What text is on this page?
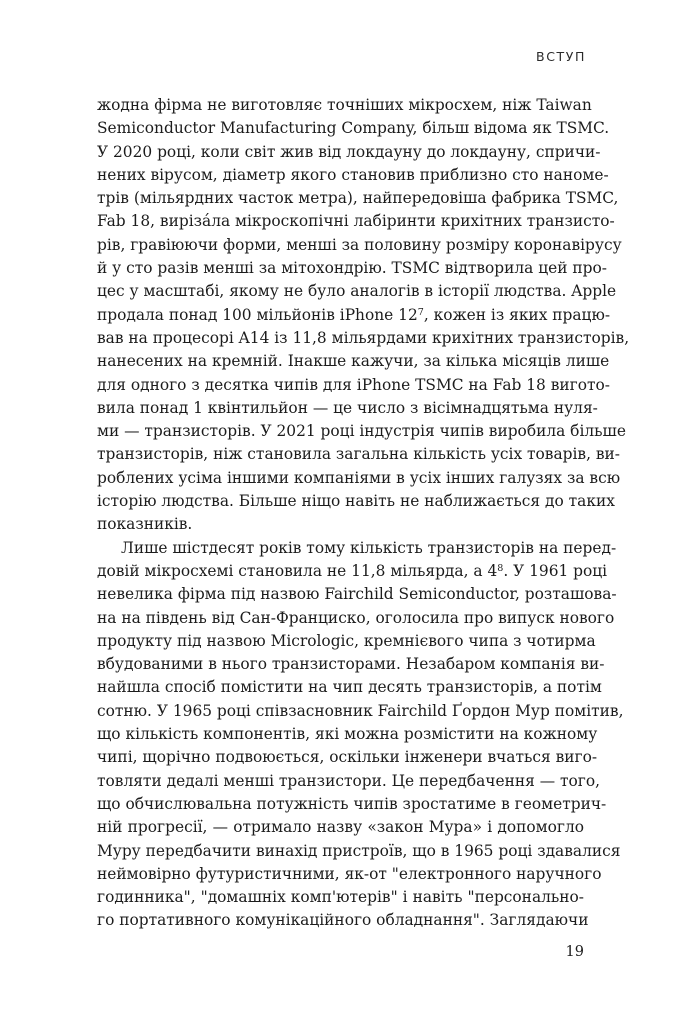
ВСТУП
жодна фірма не виготовляє точніших мікросхем, ніж Taiwan
Semiconductor Manufacturing Company, більш відома як TSMC.
У 2020 році, коли світ жив від локдауну до локдауну, спричи-
нених вірусом, діаметр якого становив приблизно сто наноме-
трів (мільярдних часток метра), найпередовіша фабрика TSMC,
Fab 18, вирізáла мікроскопічні лабіринти крихітних транзисто-
рів, гравіюючи форми, менші за половину розміру коронавірусу
й у сто разів менші за мітохондрію. TSMC відтворила цей про-
цес у масштабі, якому не було аналогів в історії людства. Apple
продала понад 100 мільйонів iPhone $12^7$, кожен із яких працю-
вав на процесорі A14 із 11,8 мільярдами крихітних транзисторів,
нанесених на кремній. Інакше кажучи, за кілька місяців лише
для одного з десятка чипів для iPhone TSMC на Fab 18 вигото-
вила понад 1 квінтильйон — це число з вісімнадцятьма нуля-
ми — транзисторів. У 2021 році індустрія чипів виробила більше
транзисторів, ніж становила загальна кількість усіх товарів, ви-
роблених усіма іншими компаніями в усіх інших галузях за всю
історію людства. Більше ніщо навіть не наближається до таких
показників.
Лише шістдесят років тому кількість транзисторів на перед-
довій мікросхемі становила не 11,8 мільярда, а $4^8$. У 1961 році
невелика фірма під назвою Fairchild Semiconductor, розташова-
на на південь від Сан-Франциско, оголосила про випуск нового
продукту під назвою Micrologic, кремнієвого чипа з чотирма
вбудованими в нього транзисторами. Незабаром компанія ви-
найшла спосіб помістити на чип десять транзисторів, а потім
сотню. У 1965 році співзасновник Fairchild Ґордон Мур помітив,
що кількість компонентів, які можна розмістити на кожному
чипі, щорічно подвоюється, оскільки інженери вчаться виго-
товляти дедалі менші транзистори. Це передбачення — того,
що обчислювальна потужність чипів зростатиме в геометрич-
ній прогресії, — отримало назву «закон Мура» і допомогло
Муру передбачити винахід пристроїв, що в 1965 році здавалися
неймовірно футуристичними, як-от "електронного наручного
годинника", "домашніх комп'ютерів" і навіть "персонально-
го портативного комунікаційного обладнання". Заглядаючи
19
